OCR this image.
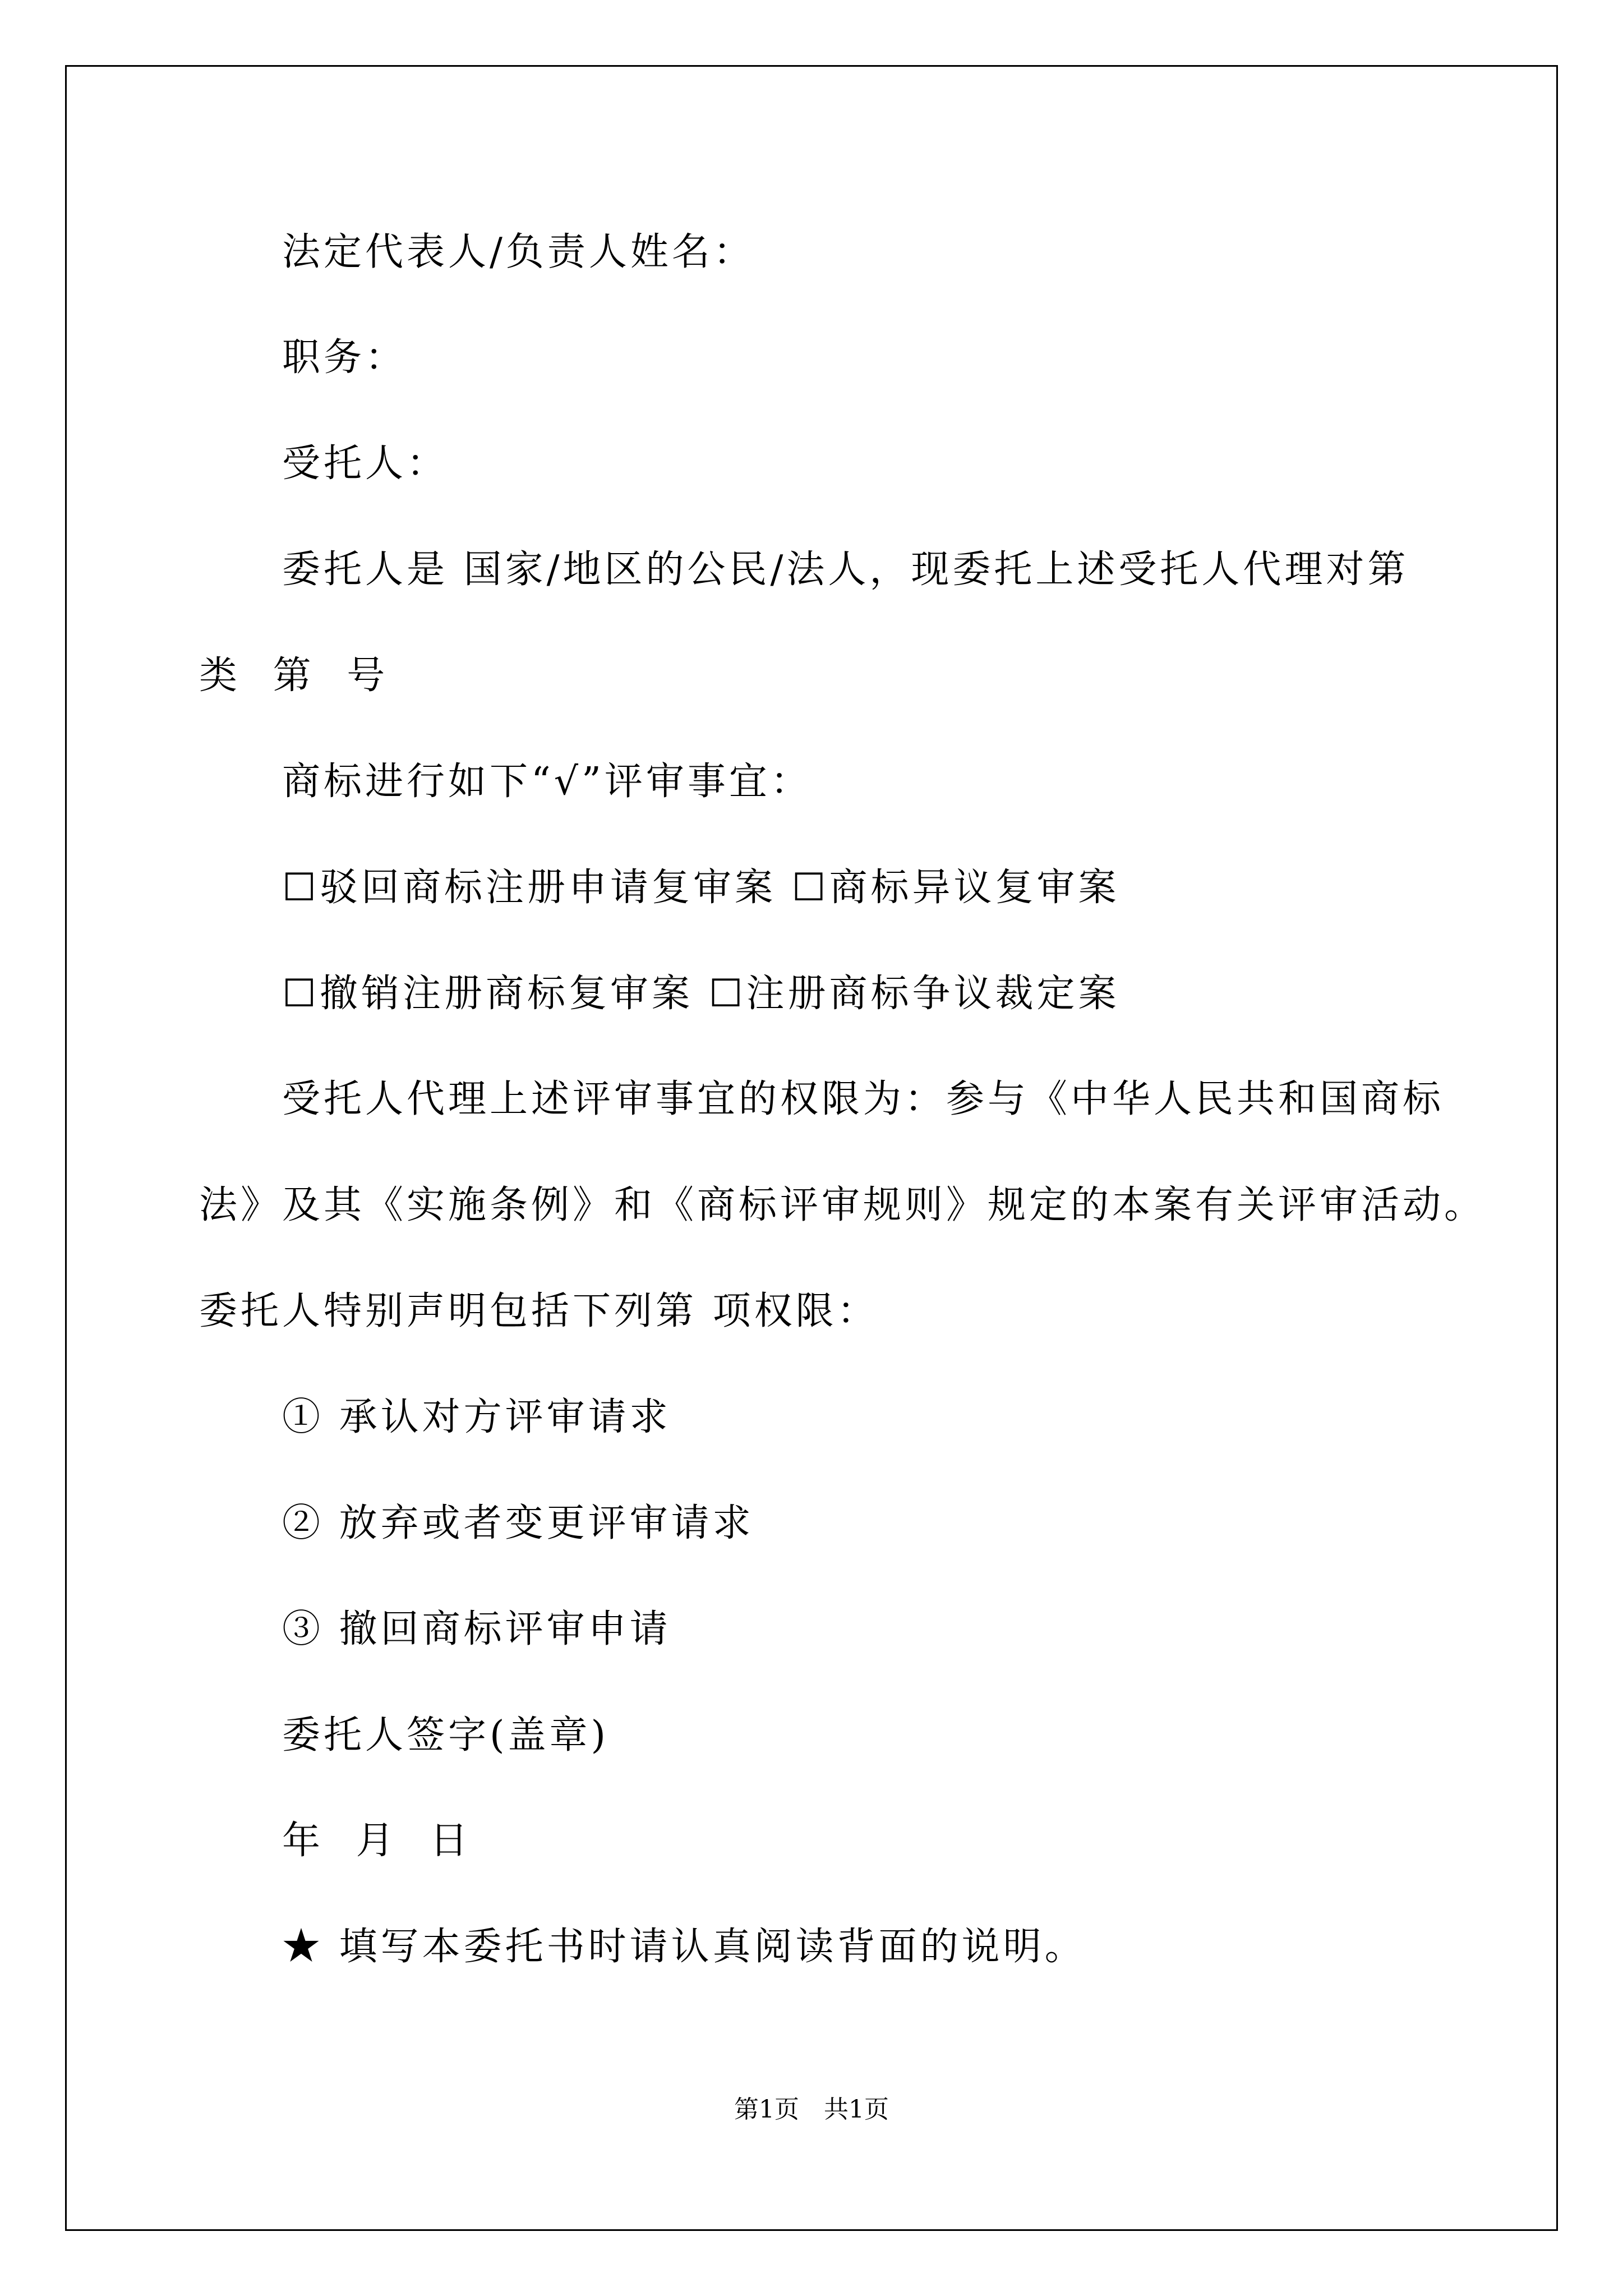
法定代表人/负责人姓名：
职务：
受托人：
委托人是 国家/地区的公民/法人，现委托上述受托人代理对第
类 第 号
商标进行如下“√”评审事宜：
☐驳回商标注册申请复审案 ☐商标异议复审案
☐撤销注册商标复审案 ☐注册商标争议裁定案
受托人代理上述评审事宜的权限为：参与《中华人民共和国商标
法》及其《实施条例》和《商标评审规则》规定的本案有关评审活动。
委托人特别声明包括下列第 项权限：
① 承认对方评审请求
② 放弃或者变更评审请求
③ 撤回商标评审申请
委托人签字(盖章)
年 月 日
★ 填写本委托书时请认真阅读背面的说明。
第1页　共1页
